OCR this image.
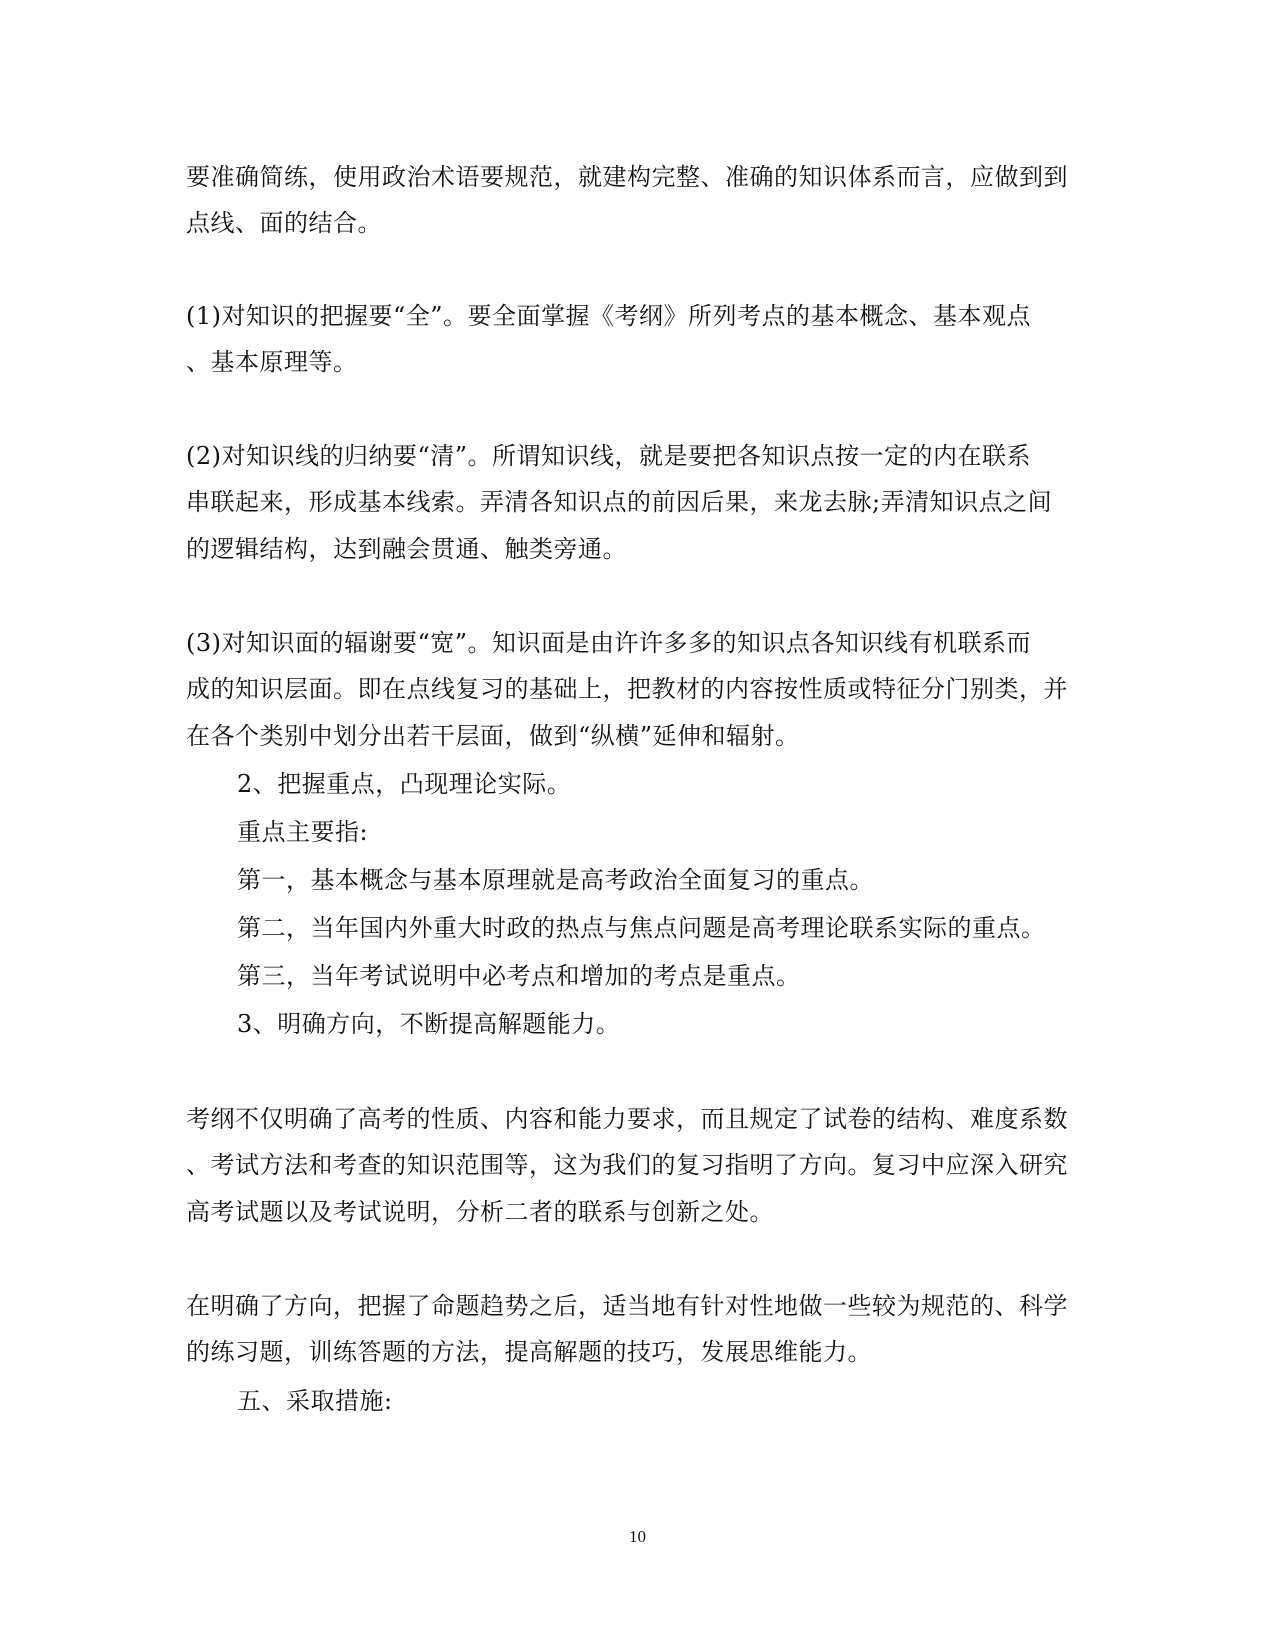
要准确简练，使用政治术语要规范，就建构完整、准确的知识体系而言，应做到到
点线、面的结合。
(1)对知识的把握要“全”。要全面掌握《考纲》所列考点的基本概念、基本观点
、基本原理等。
(2)对知识线的归纳要“清”。所谓知识线，就是要把各知识点按一定的内在联系
串联起来，形成基本线索。弄清各知识点的前因后果，来龙去脉;弄清知识点之间
的逻辑结构，达到融会贯通、触类旁通。
(3)对知识面的辐谢要“宽”。知识面是由许许多多的知识点各知识线有机联系而
成的知识层面。即在点线复习的基础上，把教材的内容按性质或特征分门别类，并
在各个类别中划分出若干层面，做到“纵横”延伸和辐射。
2、把握重点，凸现理论实际。
重点主要指:
第一，基本概念与基本原理就是高考政治全面复习的重点。
第二，当年国内外重大时政的热点与焦点问题是高考理论联系实际的重点。
第三，当年考试说明中必考点和增加的考点是重点。
3、明确方向，不断提高解题能力。
考纲不仅明确了高考的性质、内容和能力要求，而且规定了试卷的结构、难度系数
、考试方法和考查的知识范围等，这为我们的复习指明了方向。复习中应深入研究
高考试题以及考试说明，分析二者的联系与创新之处。
在明确了方向，把握了命题趋势之后，适当地有针对性地做一些较为规范的、科学
的练习题，训练答题的方法，提高解题的技巧，发展思维能力。
五、采取措施:
10
